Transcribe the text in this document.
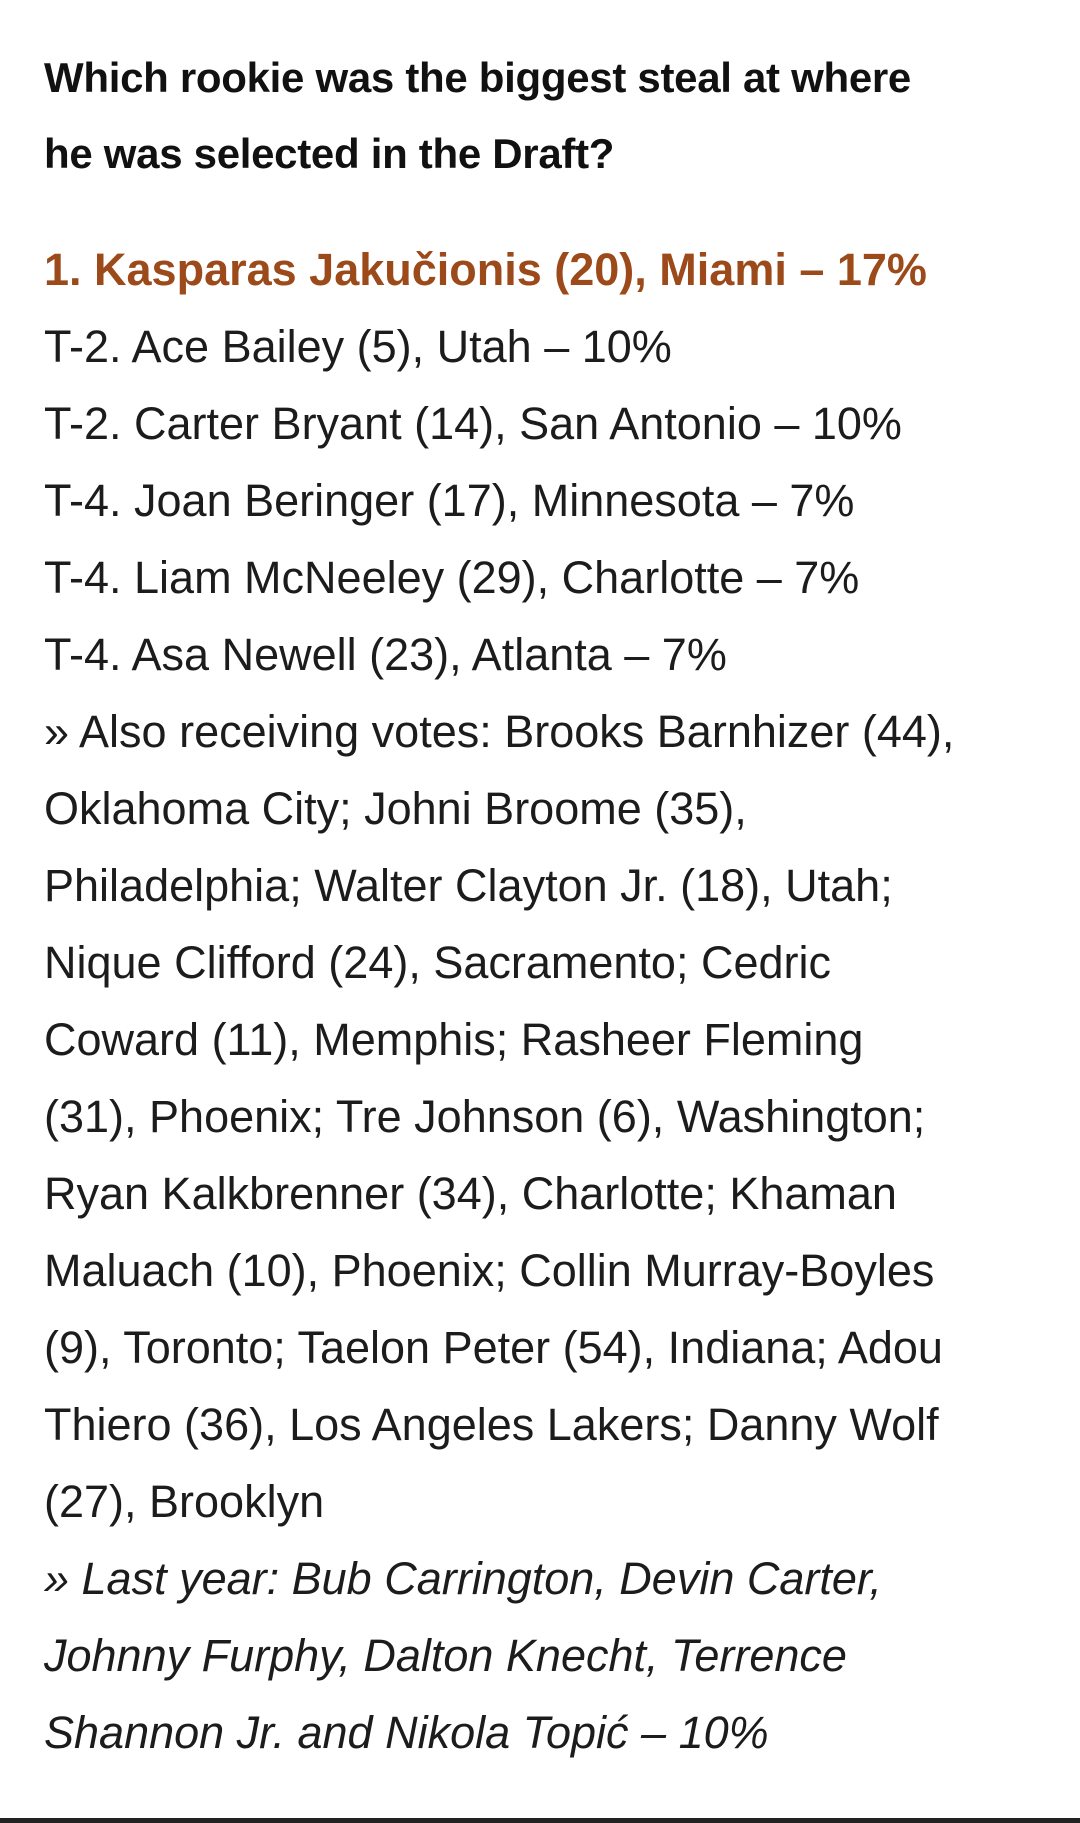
Which rookie was the biggest steal at where
he was selected in the Draft?

1. Kasparas Jakučionis (20), Miami – 17%

T-2. Ace Bailey (5), Utah – 10%

T-2. Carter Bryant (14), San Antonio – 10%

T-4. Joan Beringer (17), Minnesota – 7%

T-4. Liam McNeeley (29), Charlotte – 7%

T-4. Asa Newell (23), Atlanta – 7%

» Also receiving votes: Brooks Barnhizer (44),
Oklahoma City; Johni Broome (35),
Philadelphia; Walter Clayton Jr. (18), Utah;
Nique Clifford (24), Sacramento; Cedric
Coward (11), Memphis; Rasheer Fleming
(31), Phoenix; Tre Johnson (6), Washington;
Ryan Kalkbrenner (34), Charlotte; Khaman
Maluach (10), Phoenix; Collin Murray-Boyles
(9), Toronto; Taelon Peter (54), Indiana; Adou
Thiero (36), Los Angeles Lakers; Danny Wolf
(27), Brooklyn

» Last year: Bub Carrington, Devin Carter,
Johnny Furphy, Dalton Knecht, Terrence
Shannon Jr. and Nikola Topić – 10%
